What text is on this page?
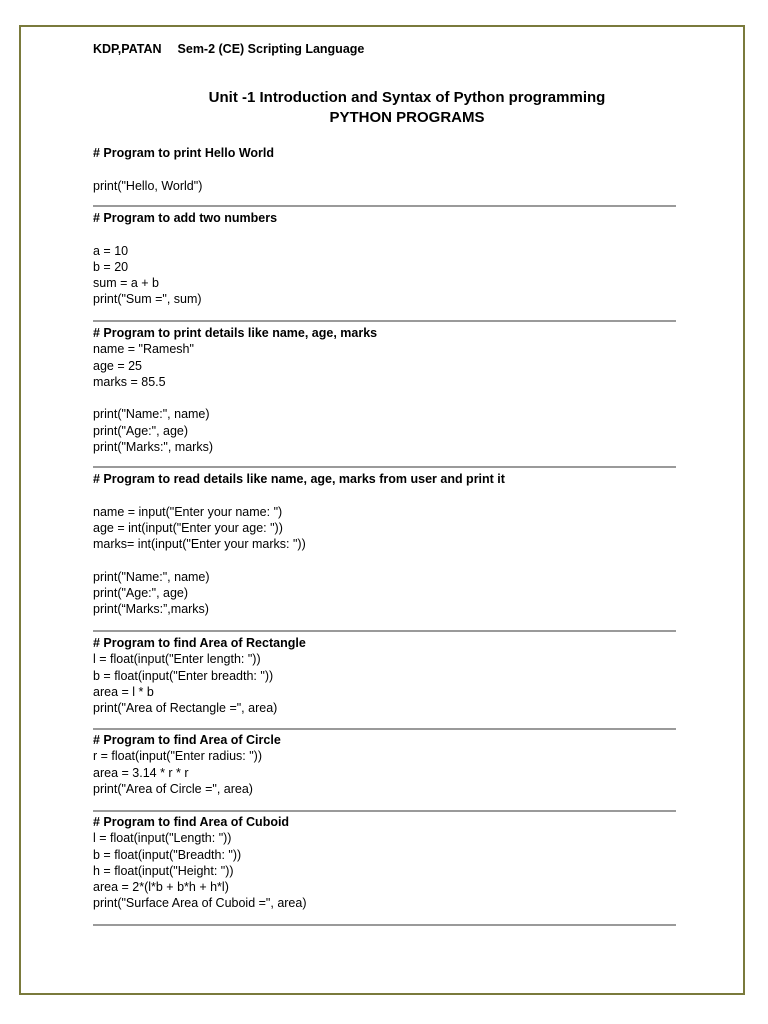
KDP,PATAN Sem-2 (CE) Scripting Language
Unit -1 Introduction and Syntax of Python programming
PYTHON PROGRAMS
# Program to print Hello World
print("Hello, World")
# Program to add two numbers
a = 10
b = 20
sum = a + b
print("Sum =", sum)
# Program to print details like name, age, marks
name = "Ramesh"
age = 25
marks = 85.5
print("Name:", name)
print("Age:", age)
print("Marks:", marks)
# Program to read details like name, age, marks from user and print it
name = input("Enter your name: ")
age = int(input("Enter your age: "))
marks= int(input("Enter your marks: "))
print("Name:", name)
print("Age:", age)
print(“Marks:”,marks)
# Program to find Area of Rectangle
l = float(input("Enter length: "))
b = float(input("Enter breadth: "))
area = l * b
print("Area of Rectangle =", area)
# Program to find Area of Circle
r = float(input("Enter radius: "))
area = 3.14 * r * r
print("Area of Circle =", area)
# Program to find Area of Cuboid
l = float(input("Length: "))
b = float(input("Breadth: "))
h = float(input("Height: "))
area = 2*(l*b + b*h + h*l)
print("Surface Area of Cuboid =", area)
